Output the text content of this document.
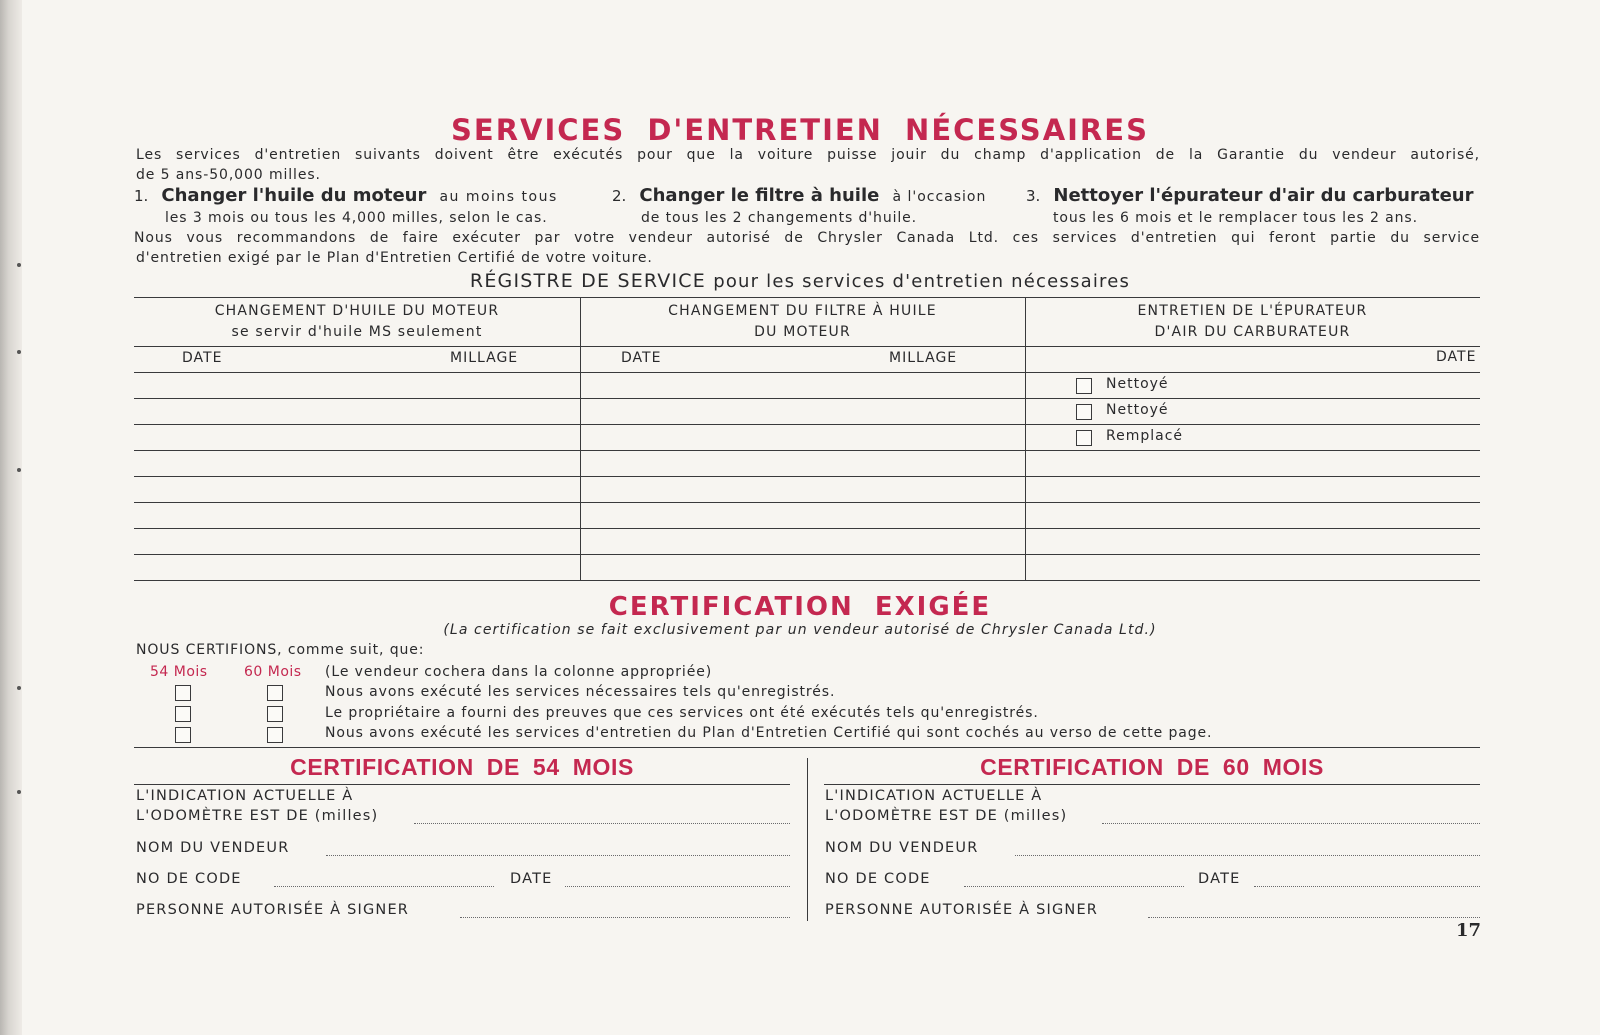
SERVICES D'ENTRETIEN NÉCESSAIRES
Les services d'entretien suivants doivent être exécutés pour que la voiture puisse jouir du champ d'application de la Garantie du vendeur autorisé,
de 5 ans-50,000 milles.
1. Changer l'huile du moteur au moins tous
les 3 mois ou tous les 4,000 milles, selon le cas.
2. Changer le filtre à huile à l'occasion
de tous les 2 changements d'huile.
3. Nettoyer l'épurateur d'air du carburateur
tous les 6 mois et le remplacer tous les 2 ans.
Nous vous recommandons de faire exécuter par votre vendeur autorisé de Chrysler Canada Ltd. ces services d'entretien qui feront partie du service
d'entretien exigé par le Plan d'Entretien Certifié de votre voiture.
RÉGISTRE DE SERVICE pour les services d'entretien nécessaires
CHANGEMENT D'HUILE DU MOTEUR
se servir d'huile MS seulement
CHANGEMENT DU FILTRE À HUILE
DU MOTEUR
ENTRETIEN DE L'ÉPURATEUR
D'AIR DU CARBURATEUR
DATE	MILLAGE	DATE	MILLAGE	DATE
Nettoyé
Nettoyé
Remplacé
CERTIFICATION EXIGÉE
(La certification se fait exclusivement par un vendeur autorisé de Chrysler Canada Ltd.)
NOUS CERTIFIONS, comme suit, que:
54 Mois	60 Mois (Le vendeur cochera dans la colonne appropriée)
Nous avons exécuté les services nécessaires tels qu'enregistrés.
Le propriétaire a fourni des preuves que ces services ont été exécutés tels qu'enregistrés.
Nous avons exécuté les services d'entretien du Plan d'Entretien Certifié qui sont cochés au verso de cette page.
CERTIFICATION DE 54 MOIS
L'INDICATION ACTUELLE À
L'ODOMÈTRE EST DE (milles)
NOM DU VENDEUR
NO DE CODE	DATE
PERSONNE AUTORISÉE À SIGNER
CERTIFICATION DE 60 MOIS
L'INDICATION ACTUELLE À
L'ODOMÈTRE EST DE (milles)
NOM DU VENDEUR
NO DE CODE	DATE
PERSONNE AUTORISÉE À SIGNER
17
